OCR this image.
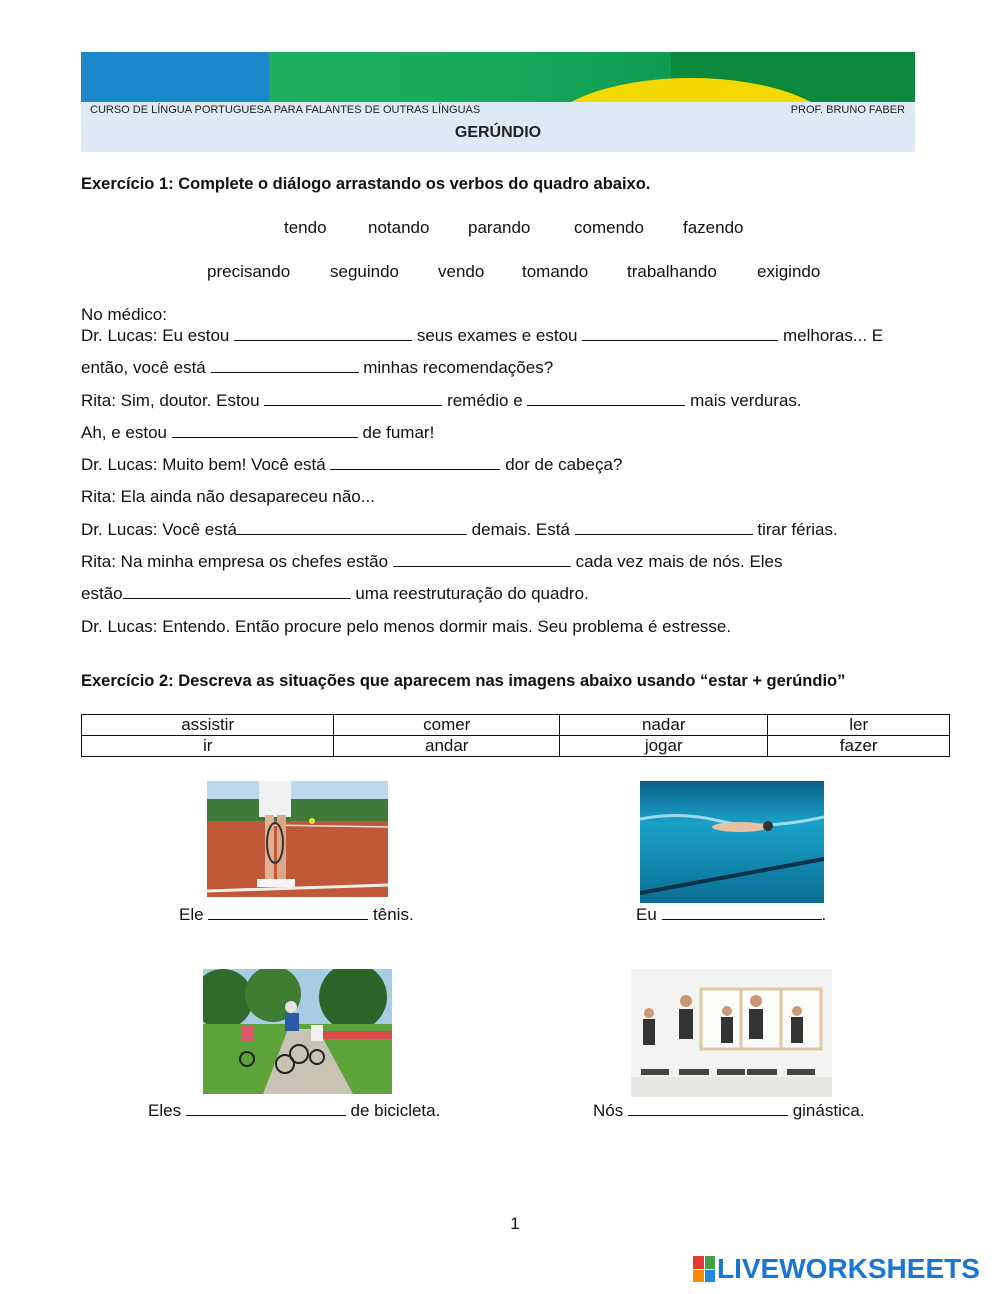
CURSO DE LÍNGUA PORTUGUESA PARA FALANTES DE OUTRAS LÍNGUAS	PROF. BRUNO FABER
GERÚNDIO
Exercício 1: Complete o diálogo arrastando os verbos do quadro abaixo.
tendo notando parando	comendo fazendo
precisando seguindo vendo tomando trabalhando exigindo
No médico:
Dr. Lucas: Eu estou	seus exames e estou	melhoras... E
então, você está	minhas recomendações?
Rita: Sim, doutor. Estou	remédio e	mais verduras.
Ah, e estou	de fumar!
Dr. Lucas: Muito bem! Você está	dor de cabeça?
Rita: Ela ainda não desapareceu não...
Dr. Lucas: Você está	demais. Está	tirar férias.
Rita: Na minha empresa os chefes estão	cada vez mais de nós. Eles
estão	uma reestruturação do quadro.
Dr. Lucas: Entendo. Então procure pelo menos dormir mais. Seu problema é estresse.
Exercício 2: Descreva as situações que aparecem nas imagens abaixo usando “estar + gerúndio”
assistir	comer	nadar	ler
ir	andar	jogar	fazer
Ele	tênis.	Eu	.
Eles	de bicicleta.	Nós	ginástica.
1
LIVEWORKSHEETS
